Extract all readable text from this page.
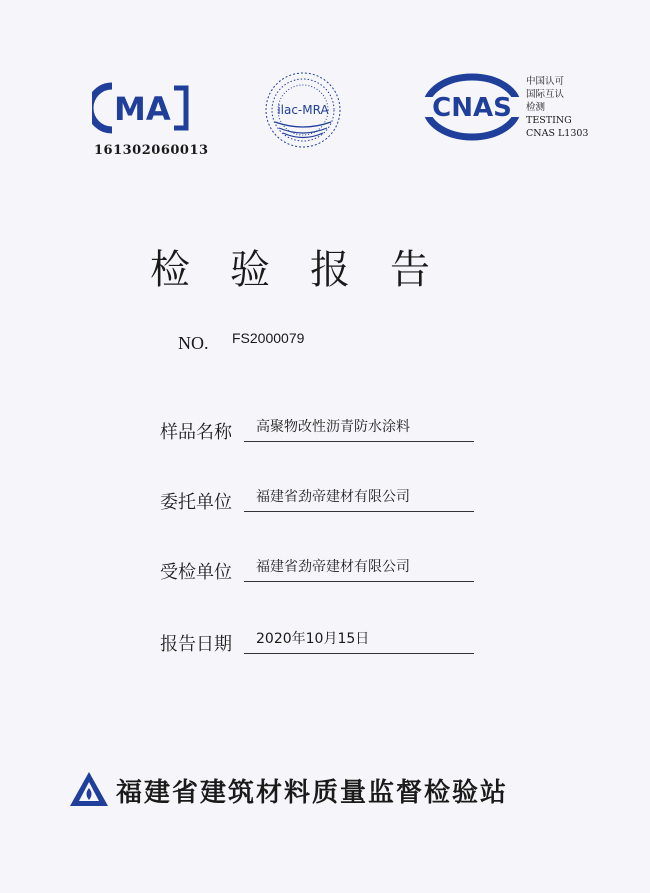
MA
161302060013
ilac-MRA	CNAS
中国认可
国际互认
检测
TESTING
CNAS L1303
检验报告
NO. FS2000079
样品名称 高聚物改性沥青防水涂料
委托单位 福建省劲帝建材有限公司
受检单位 福建省劲帝建材有限公司
报告日期 2020年10月15日
福建省建筑材料质量监督检验站
